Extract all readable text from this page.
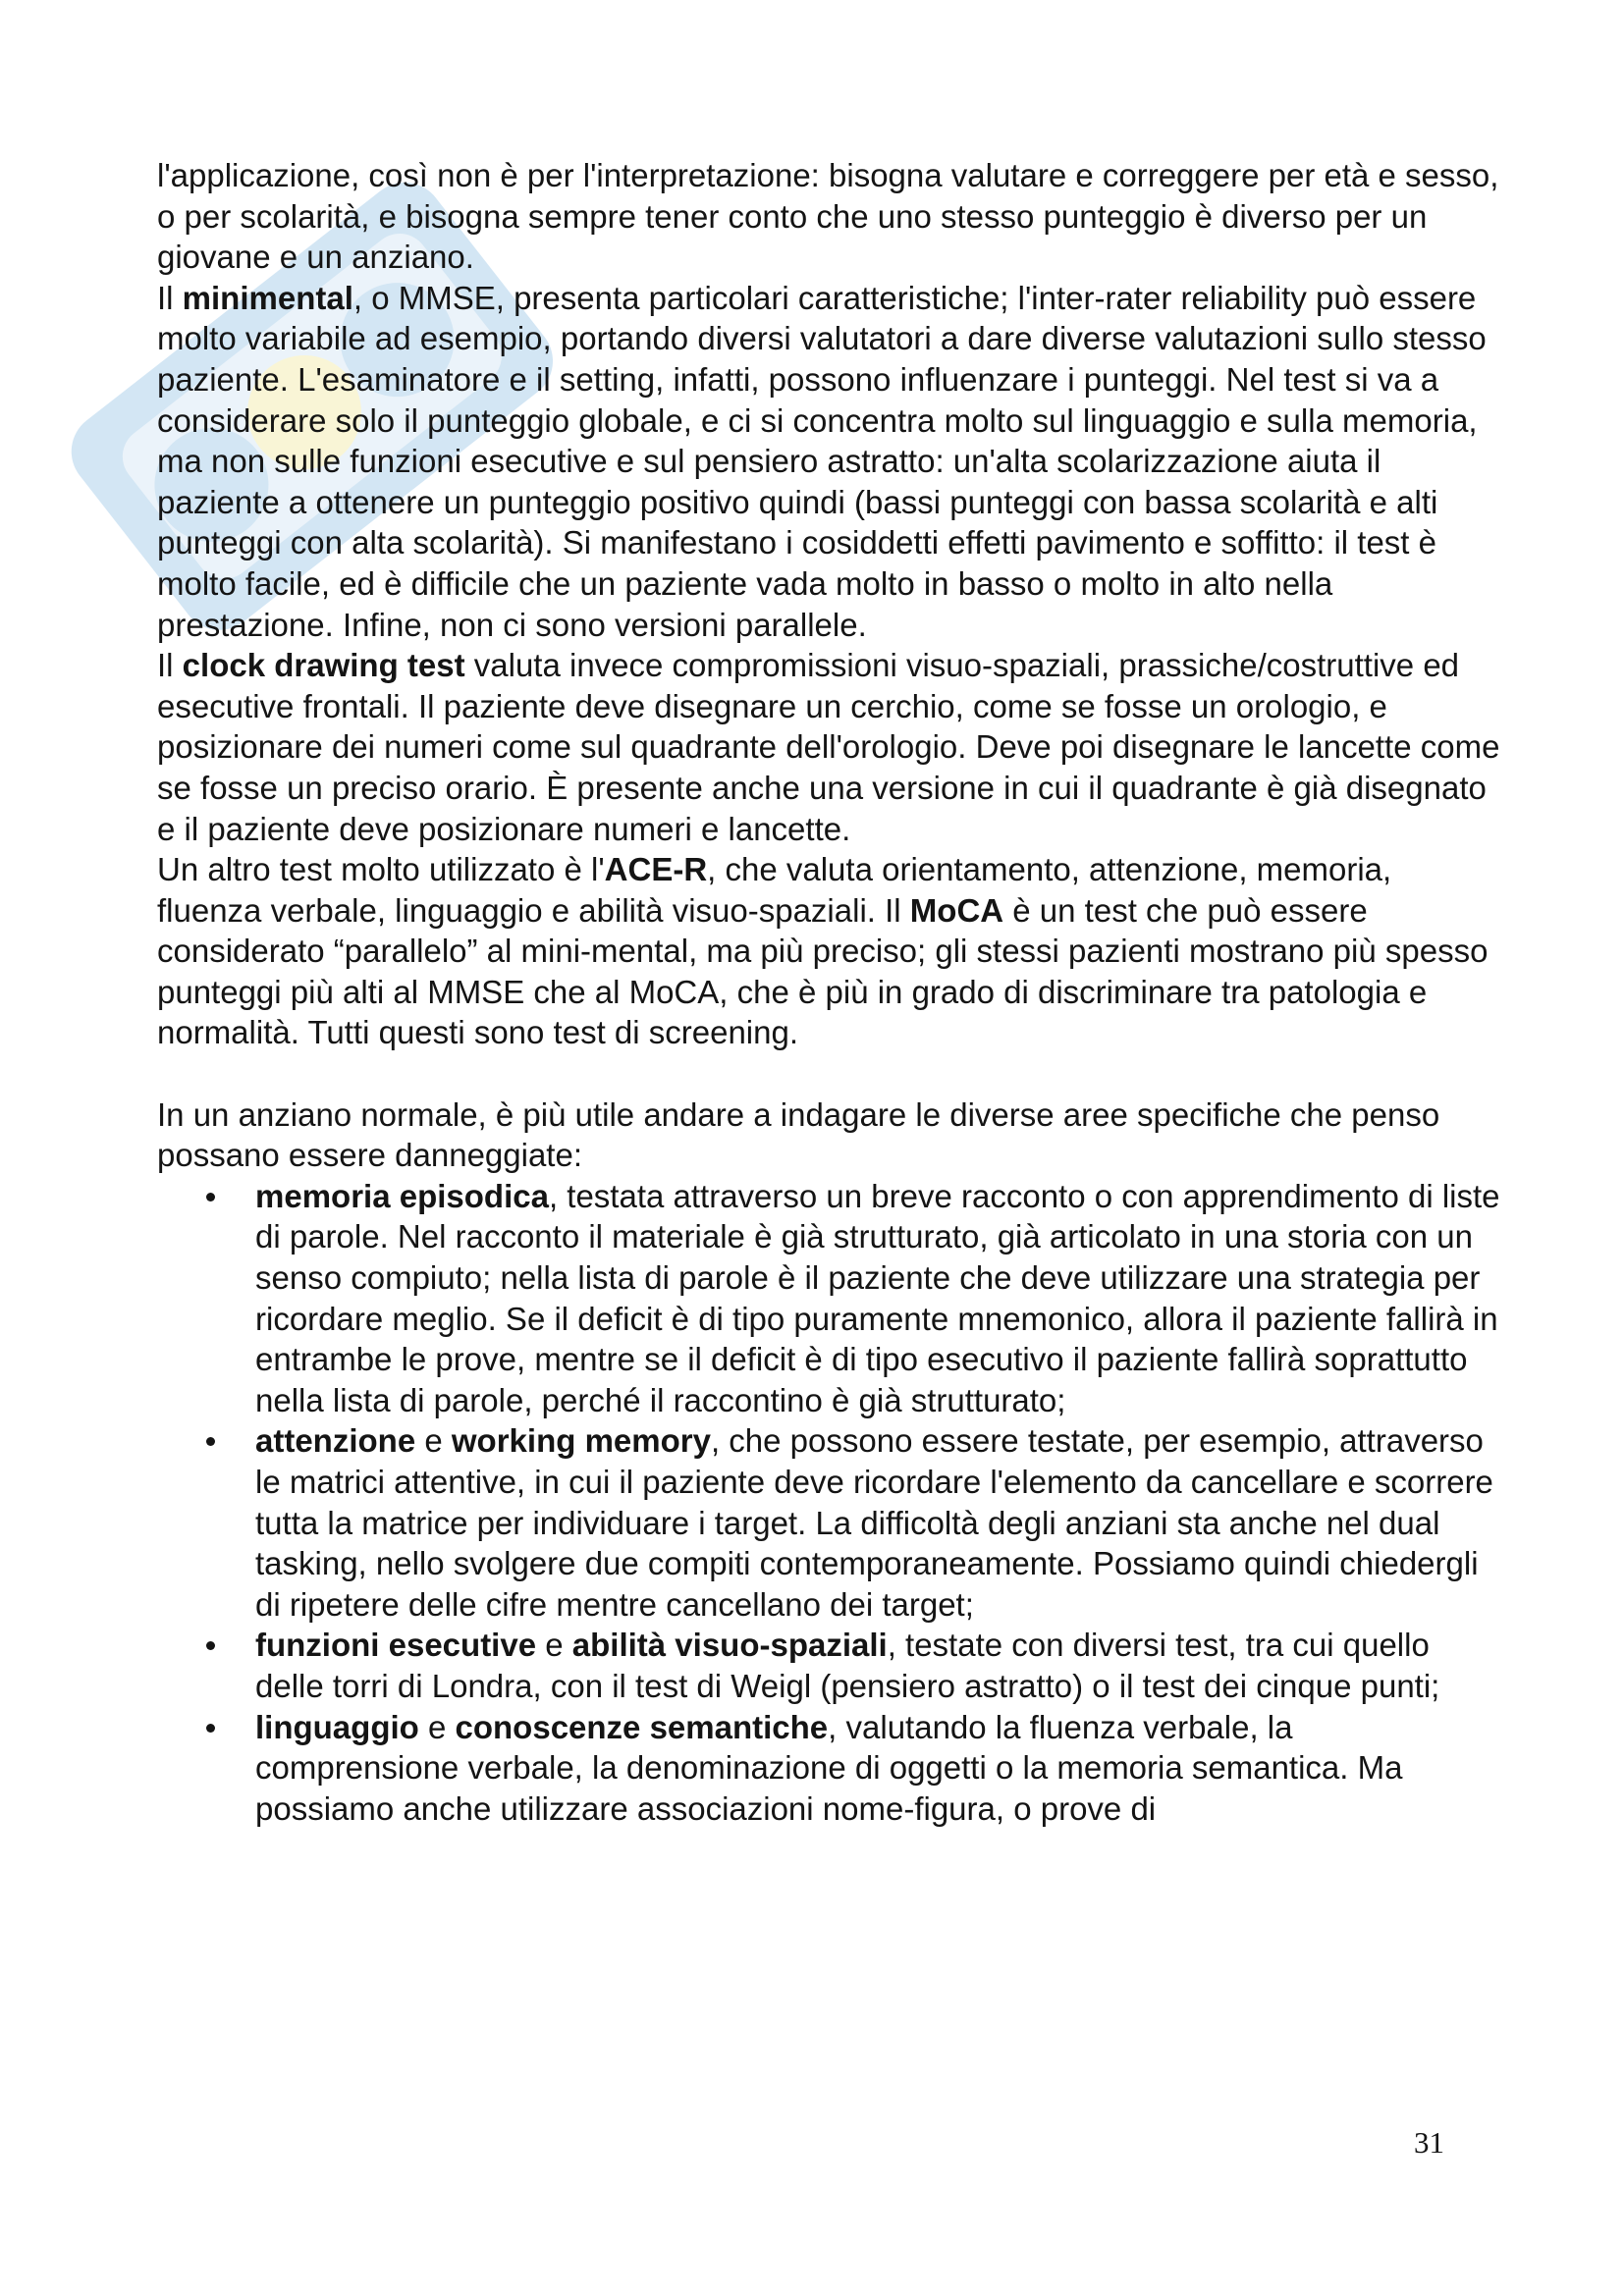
l'applicazione, così non è per l'interpretazione: bisogna valutare e correggere per età e sesso, o per scolarità, e bisogna sempre tener conto che uno stesso punteggio è diverso per un giovane e un anziano.

Il minimental, o MMSE, presenta particolari caratteristiche; l'inter-rater reliability può essere molto variabile ad esempio, portando diversi valutatori a dare diverse valutazioni sullo stesso paziente. L'esaminatore e il setting, infatti, possono influenzare i punteggi. Nel test si va a considerare solo il punteggio globale, e ci si concentra molto sul linguaggio e sulla memoria, ma non sulle funzioni esecutive e sul pensiero astratto: un'alta scolarizzazione aiuta il paziente a ottenere un punteggio positivo quindi (bassi punteggi con bassa scolarità e alti punteggi con alta scolarità). Si manifestano i cosiddetti effetti pavimento e soffitto: il test è molto facile, ed è difficile che un paziente vada molto in basso o molto in alto nella prestazione. Infine, non ci sono versioni parallele.

Il clock drawing test valuta invece compromissioni visuo-spaziali, prassiche/costruttive ed esecutive frontali. Il paziente deve disegnare un cerchio, come se fosse un orologio, e posizionare dei numeri come sul quadrante dell'orologio. Deve poi disegnare le lancette come se fosse un preciso orario. È presente anche una versione in cui il quadrante è già disegnato e il paziente deve posizionare numeri e lancette.

Un altro test molto utilizzato è l'ACE-R, che valuta orientamento, attenzione, memoria, fluenza verbale, linguaggio e abilità visuo-spaziali. Il MoCA è un test che può essere considerato “parallelo” al mini-mental, ma più preciso; gli stessi pazienti mostrano più spesso punteggi più alti al MMSE che al MoCA, che è più in grado di discriminare tra patologia e normalità. Tutti questi sono test di screening.

In un anziano normale, è più utile andare a indagare le diverse aree specifiche che penso possano essere danneggiate:

memoria episodica, testata attraverso un breve racconto o con apprendimento di liste di parole. Nel racconto il materiale è già strutturato, già articolato in una storia con un senso compiuto; nella lista di parole è il paziente che deve utilizzare una strategia per ricordare meglio. Se il deficit è di tipo puramente mnemonico, allora il paziente fallirà in entrambe le prove, mentre se il deficit è di tipo esecutivo il paziente fallirà soprattutto nella lista di parole, perché il raccontino è già strutturato;
attenzione e working memory, che possono essere testate, per esempio, attraverso le matrici attentive, in cui il paziente deve ricordare l'elemento da cancellare e scorrere tutta la matrice per individuare i target. La difficoltà degli anziani sta anche nel dual tasking, nello svolgere due compiti contemporaneamente. Possiamo quindi chiedergli di ripetere delle cifre mentre cancellano dei target;
funzioni esecutive e abilità visuo-spaziali, testate con diversi test, tra cui quello delle torri di Londra, con il test di Weigl (pensiero astratto) o il test dei cinque punti;
linguaggio e conoscenze semantiche, valutando la fluenza verbale, la comprensione verbale, la denominazione di oggetti o la memoria semantica. Ma possiamo anche utilizzare associazioni nome-figura, o prove di
31
